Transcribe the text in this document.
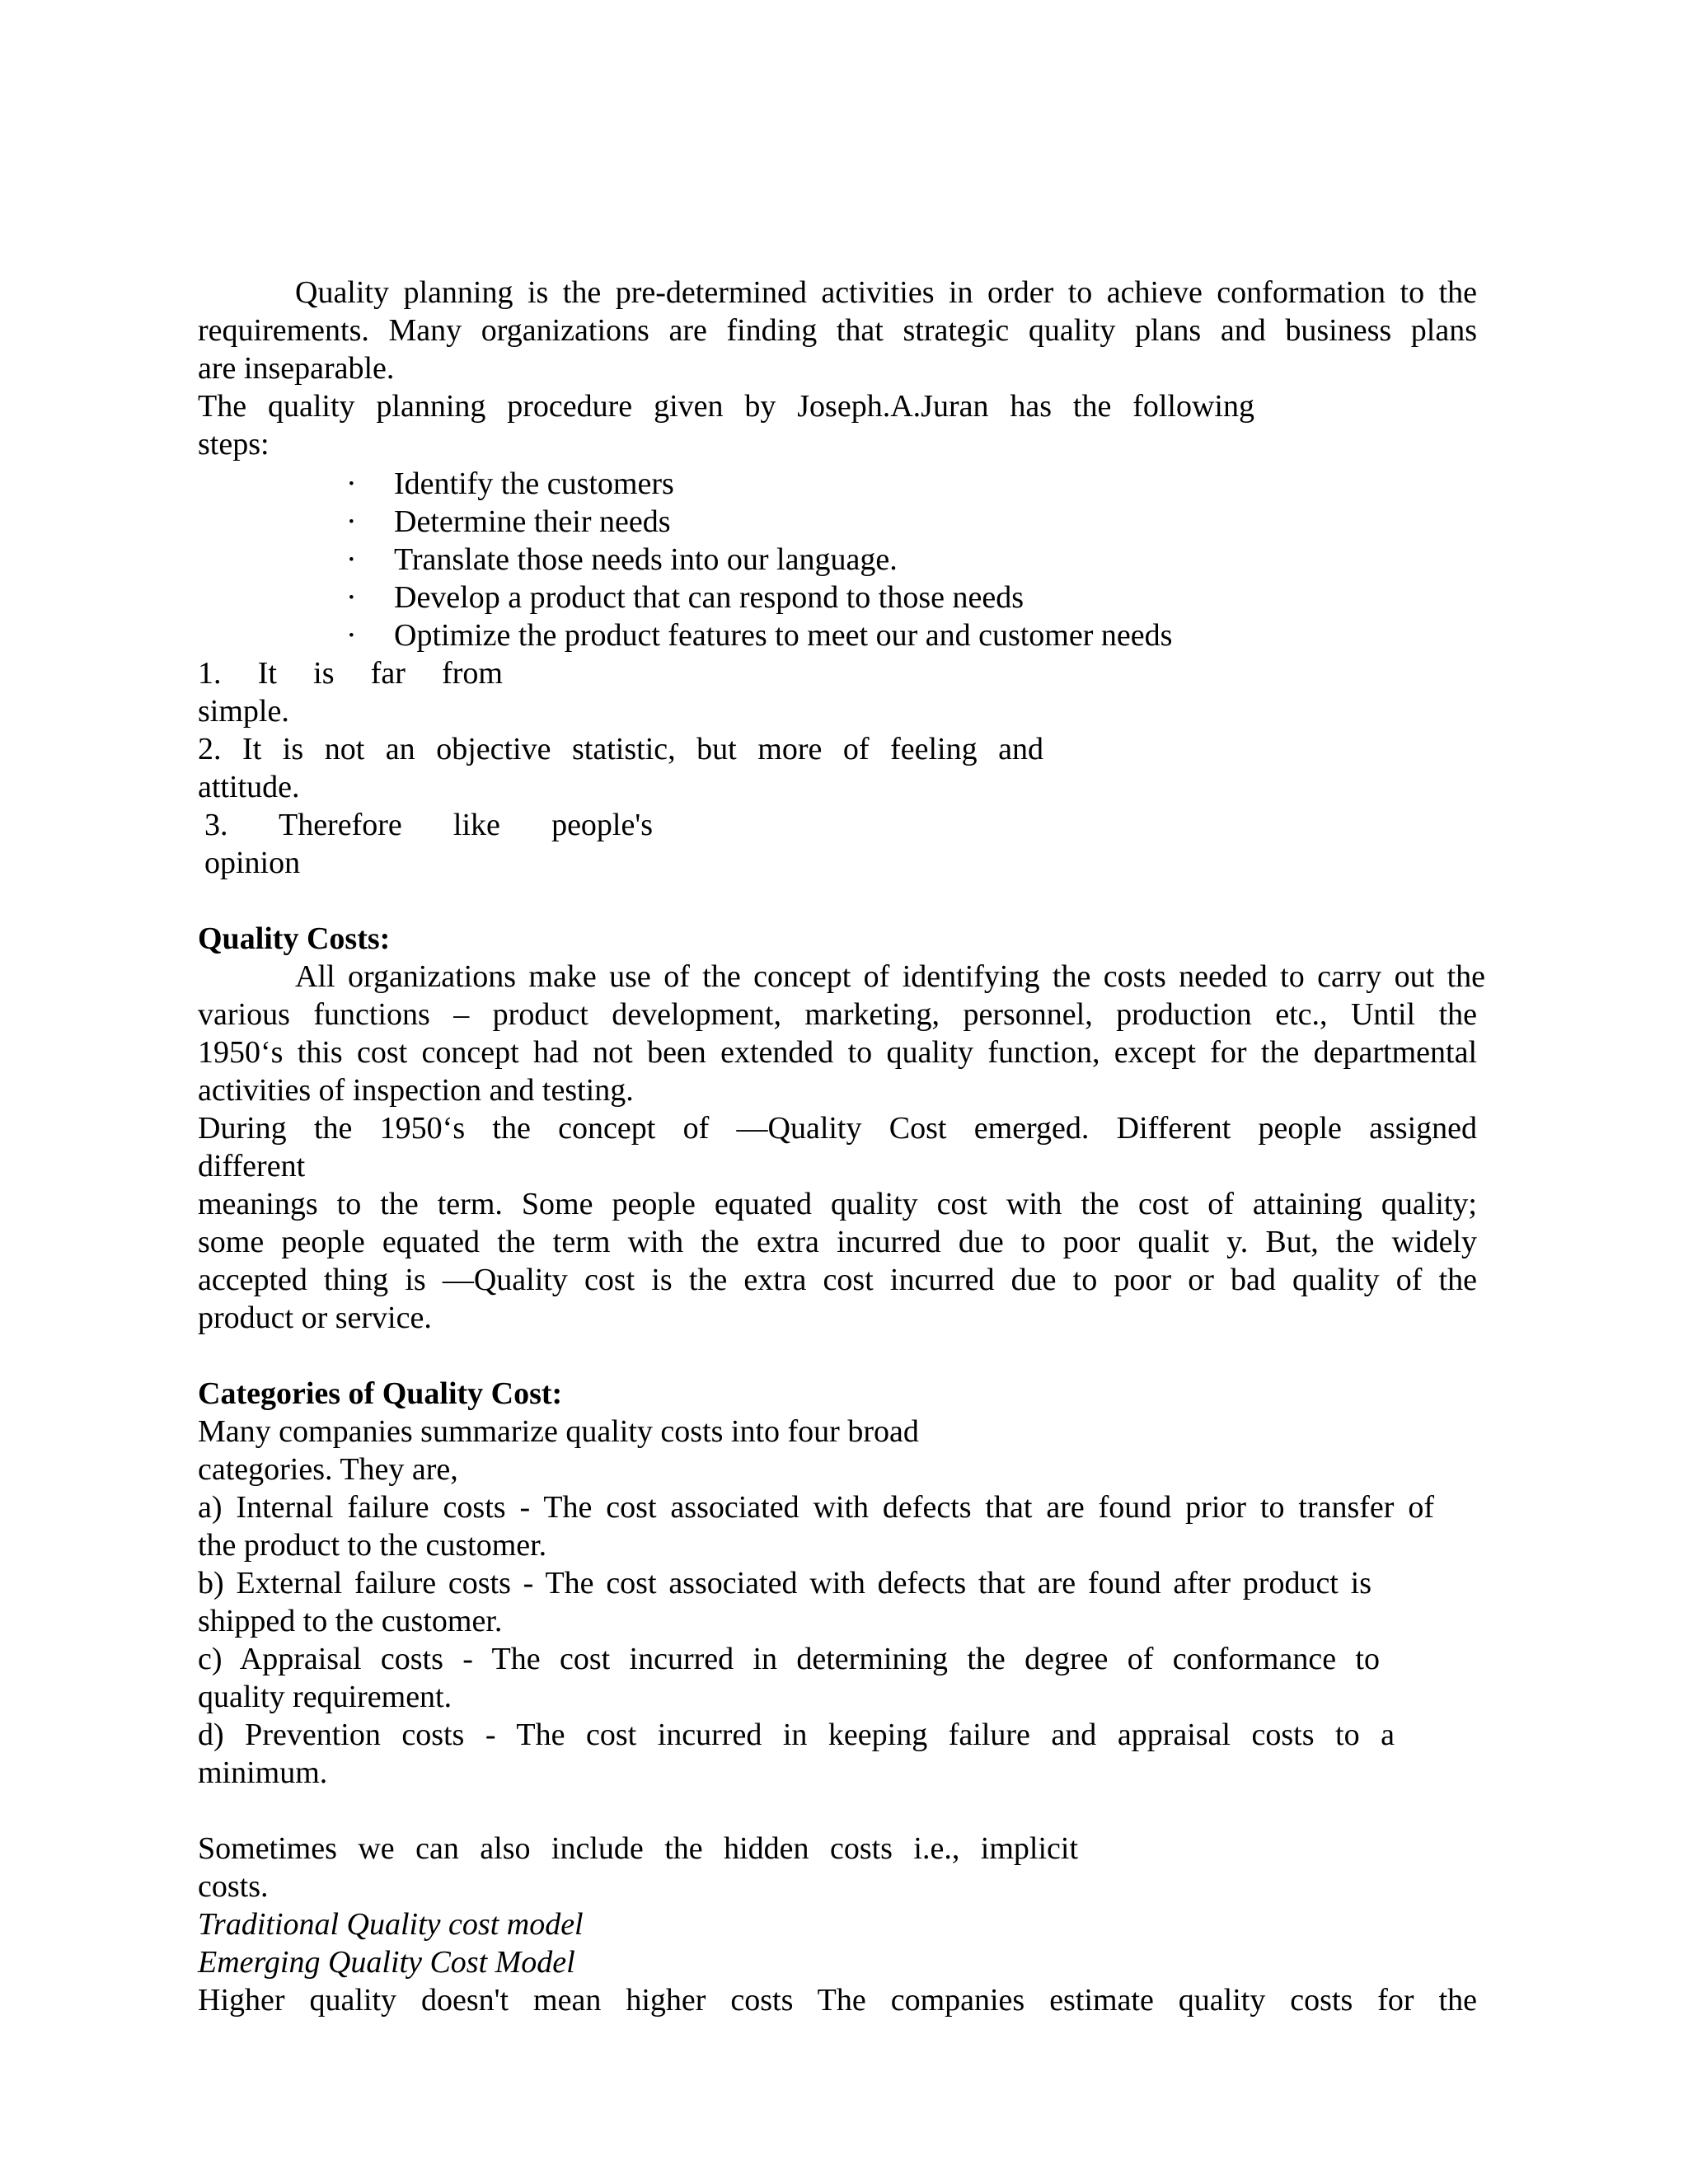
Quality planning is the pre-determined activities in order to achieve conformation to the
requirements. Many organizations are finding that strategic quality plans and business plans
are inseparable.
The quality planning procedure given by Joseph.A.Juran has the following
steps:
· Identify the customers
· Determine their needs
· Translate those needs into our language.
· Develop a product that can respond to those needs
· Optimize the product features to meet our and customer needs
1. It is far from
simple.
2. It is not an objective statistic, but more of feeling and
attitude.
3. Therefore like people's
opinion
Quality Costs:
All organizations make use of the concept of identifying the costs needed to carry out the
various functions – product development, marketing, personnel, production etc., Until the
1950‘s this cost concept had not been extended to quality function, except for the departmental
activities of inspection and testing.
During the 1950‘s the concept of ―Quality Cost emerged. Different people assigned
different
meanings to the term. Some people equated quality cost with the cost of attaining quality;
some people equated the term with the extra incurred due to poor qualit y. But, the widely
accepted thing is ―Quality cost is the extra cost incurred due to poor or bad quality of the
product or service.
Categories of Quality Cost:
Many companies summarize quality costs into four broad
categories. They are,
a) Internal failure costs - The cost associated with defects that are found prior to transfer of
the product to the customer.
b) External failure costs - The cost associated with defects that are found after product is
shipped to the customer.
c) Appraisal costs - The cost incurred in determining the degree of conformance to
quality requirement.
d) Prevention costs - The cost incurred in keeping failure and appraisal costs to a
minimum.
Sometimes we can also include the hidden costs i.e., implicit
costs.
Traditional Quality cost model
Emerging Quality Cost Model
Higher quality doesn't mean higher costs The companies estimate quality costs for the
